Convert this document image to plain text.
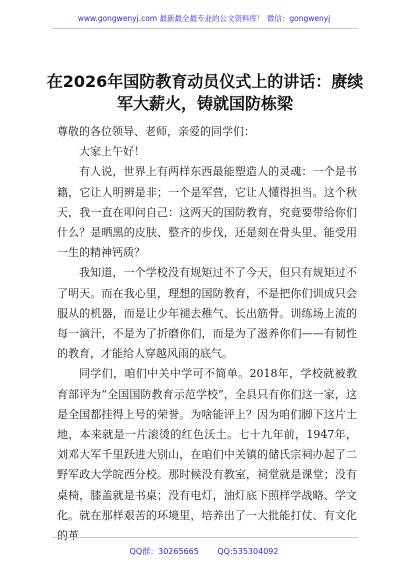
www.gongwenyj.com 最新最全最专业的公文资料库！ 微信：gongwenyj
在2026年国防教育动员仪式上的讲话：赓续军大薪火，铸就国防栋梁

尊敬的各位领导、老师，亲爱的同学们：

大家上午好！

有人说，世界上有两样东西最能塑造人的灵魂：一个是书籍，它让人明辨是非；一个是军营，它让人懂得担当。这个秋天，我一直在叩问自己：这两天的国防教育，究竟要带给你们什么？是晒黑的皮肤、整齐的步伐，还是刻在骨头里、能受用一生的精神钙质？

我知道，一个学校没有规矩过不了今天，但只有规矩过不了明天。而在我心里，理想的国防教育，不是把你们训成只会服从的机器，而是让少年褪去稚气、长出筋骨。训练场上流的每一滴汗，不是为了折磨你们，而是为了滋养你们——有韧性的教育，才能给人穿越风雨的底气。

同学们，咱们中关中学可不简单。2018年，学校就被教育部评为“全国国防教育示范学校”，全县只有你们这一家，这是全国都挂得上号的荣誉。为啥能评上？因为咱们脚下这片土地，本来就是一片滚烫的红色沃土。七十九年前，1947年，刘邓大军千里跃进大别山，在咱们中关镇的储氏宗祠办起了二野军政大学皖西分校。那时候没有教室，祠堂就是课堂；没有桌椅，膝盖就是书桌；没有电灯，油灯底下照样学战略、学文化。就在那样艰苦的环境里，培养出了一大批能打仗、有文化的革

QQ群：30265665 QQ:535304092
